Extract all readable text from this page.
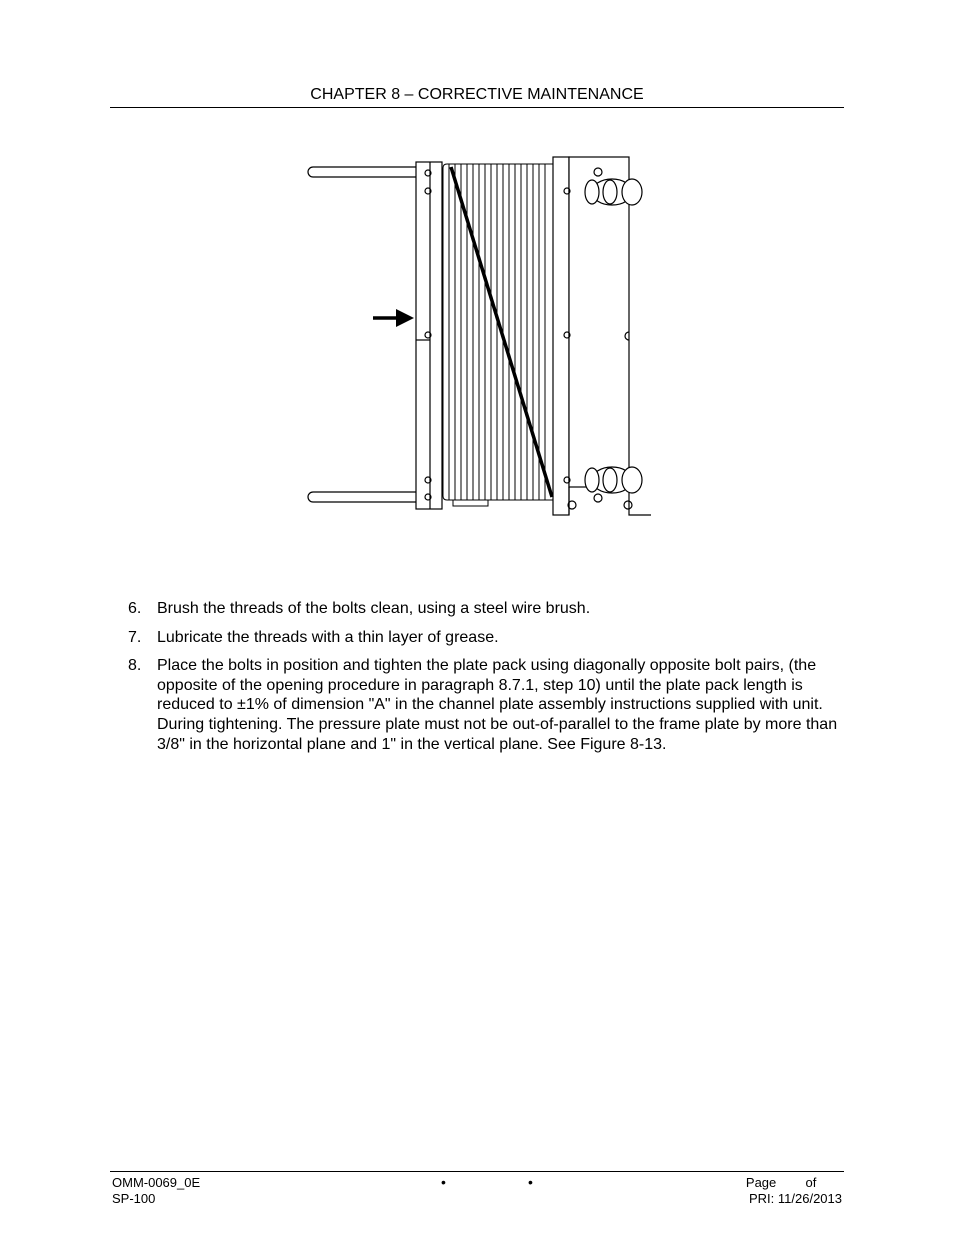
CHAPTER 8 – CORRECTIVE MAINTENANCE
6. Brush the threads of the bolts clean, using a steel wire brush.
7. Lubricate the threads with a thin layer of grease.
8. Place the bolts in position and tighten the plate pack using diagonally opposite bolt pairs, (the opposite of the opening procedure in paragraph 8.7.1, step 10) until the plate pack length is reduced to ±1% of dimension "A" in the channel plate assembly instructions supplied with unit. During tightening. The pressure plate must not be out-of-parallel to the frame plate by more than 3/8" in the horizontal plane and 1" in the vertical plane. See Figure 8-13.
OMM-0069_0E
SP-100
•	•	Page of
PRI: 11/26/2013
